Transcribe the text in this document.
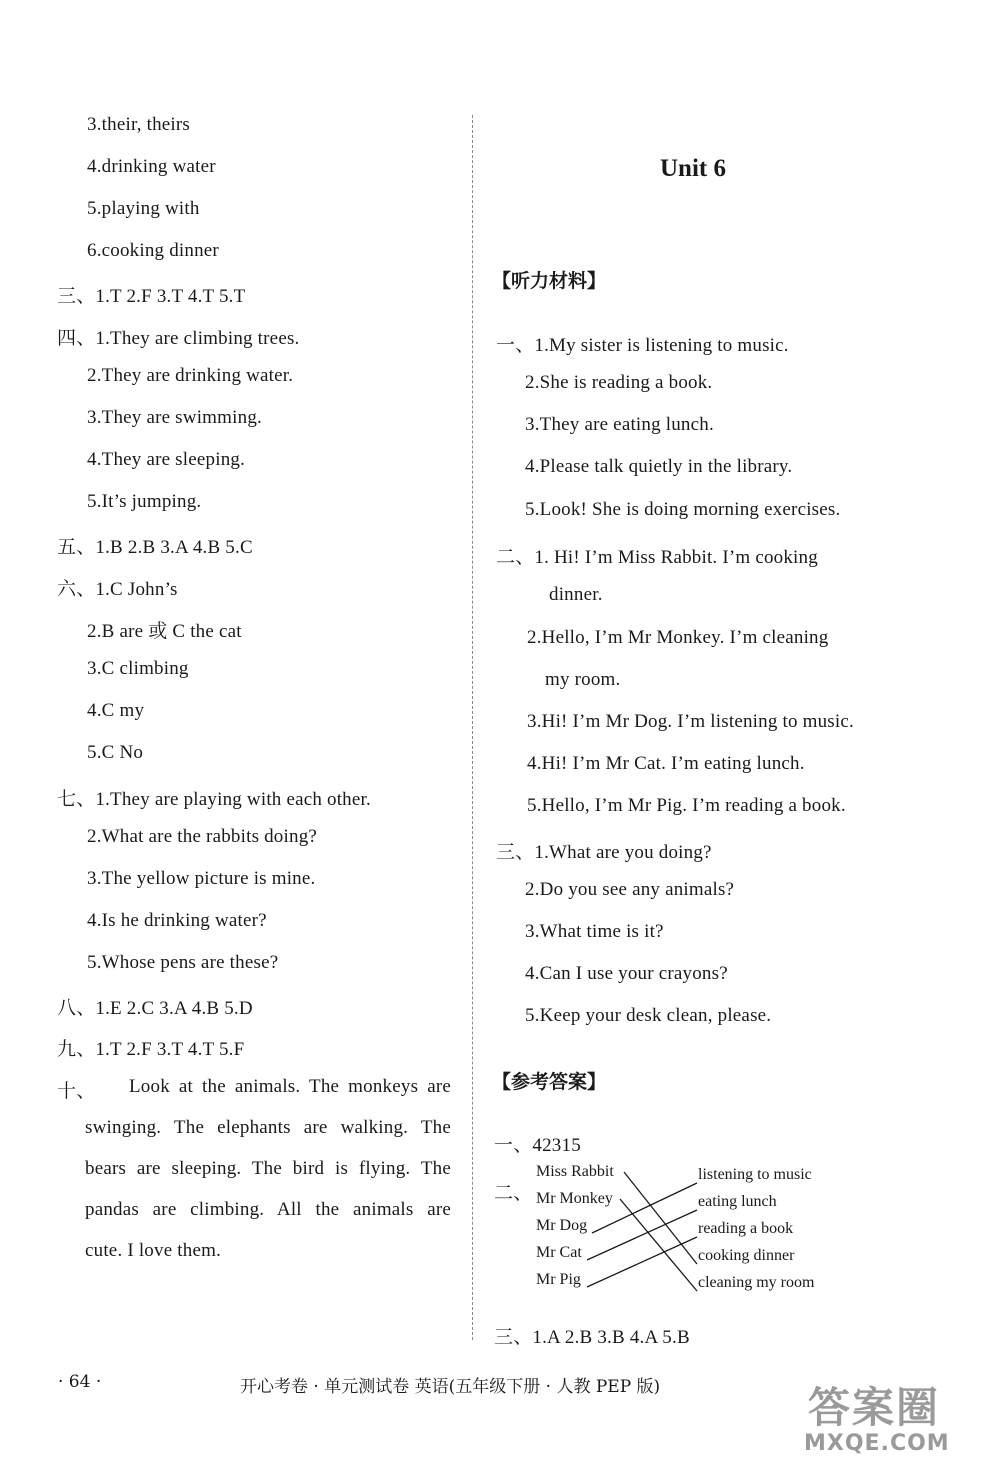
3.their, theirs
4.drinking water
5.playing with
6.cooking dinner
三、1.T 2.F 3.T 4.T 5.T
四、1.They are climbing trees.
2.They are drinking water.
3.They are swimming.
4.They are sleeping.
5.It’s jumping.
五、1.B 2.B 3.A 4.B 5.C
六、1.C John’s
2.B are 或 C the cat
3.C climbing
4.C my
5.C No
七、1.They are playing with each other.
2.What are the rabbits doing?
3.The yellow picture is mine.
4.Is he drinking water?
5.Whose pens are these?
八、1.E 2.C 3.A 4.B 5.D
九、1.T 2.F 3.T 4.T 5.F
十、 Look at the animals. The monkeys are
swinging. The elephants are walking. The
bears are sleeping. The bird is flying. The
pandas are climbing. All the animals are
cute. I love them.
Unit 6
【听力材料】
一、1.My sister is listening to music.
2.She is reading a book.
3.They are eating lunch.
4.Please talk quietly in the library.
5.Look! She is doing morning exercises.
二、1. Hi! I’m Miss Rabbit. I’m cooking
dinner.
2.Hello, I’m Mr Monkey. I’m cleaning
my room.
3.Hi! I’m Mr Dog. I’m listening to music.
4.Hi! I’m Mr Cat. I’m eating lunch.
5.Hello, I’m Mr Pig. I’m reading a book.
三、1.What are you doing?
2.Do you see any animals?
3.What time is it?
4.Can I use your crayons?
5.Keep your desk clean, please.
【参考答案】
一、42315
二、
Miss Rabbit
Mr Monkey
Mr Dog
Mr Cat
Mr Pig
listening to music
eating lunch
reading a book
cooking dinner
cleaning my room
三、1.A 2.B 3.B 4.A 5.B
· 64 ·	开心考卷 · 单元测试卷 英语(五年级下册 · 人教 PEP 版)	答案圈
MXQE.COM
